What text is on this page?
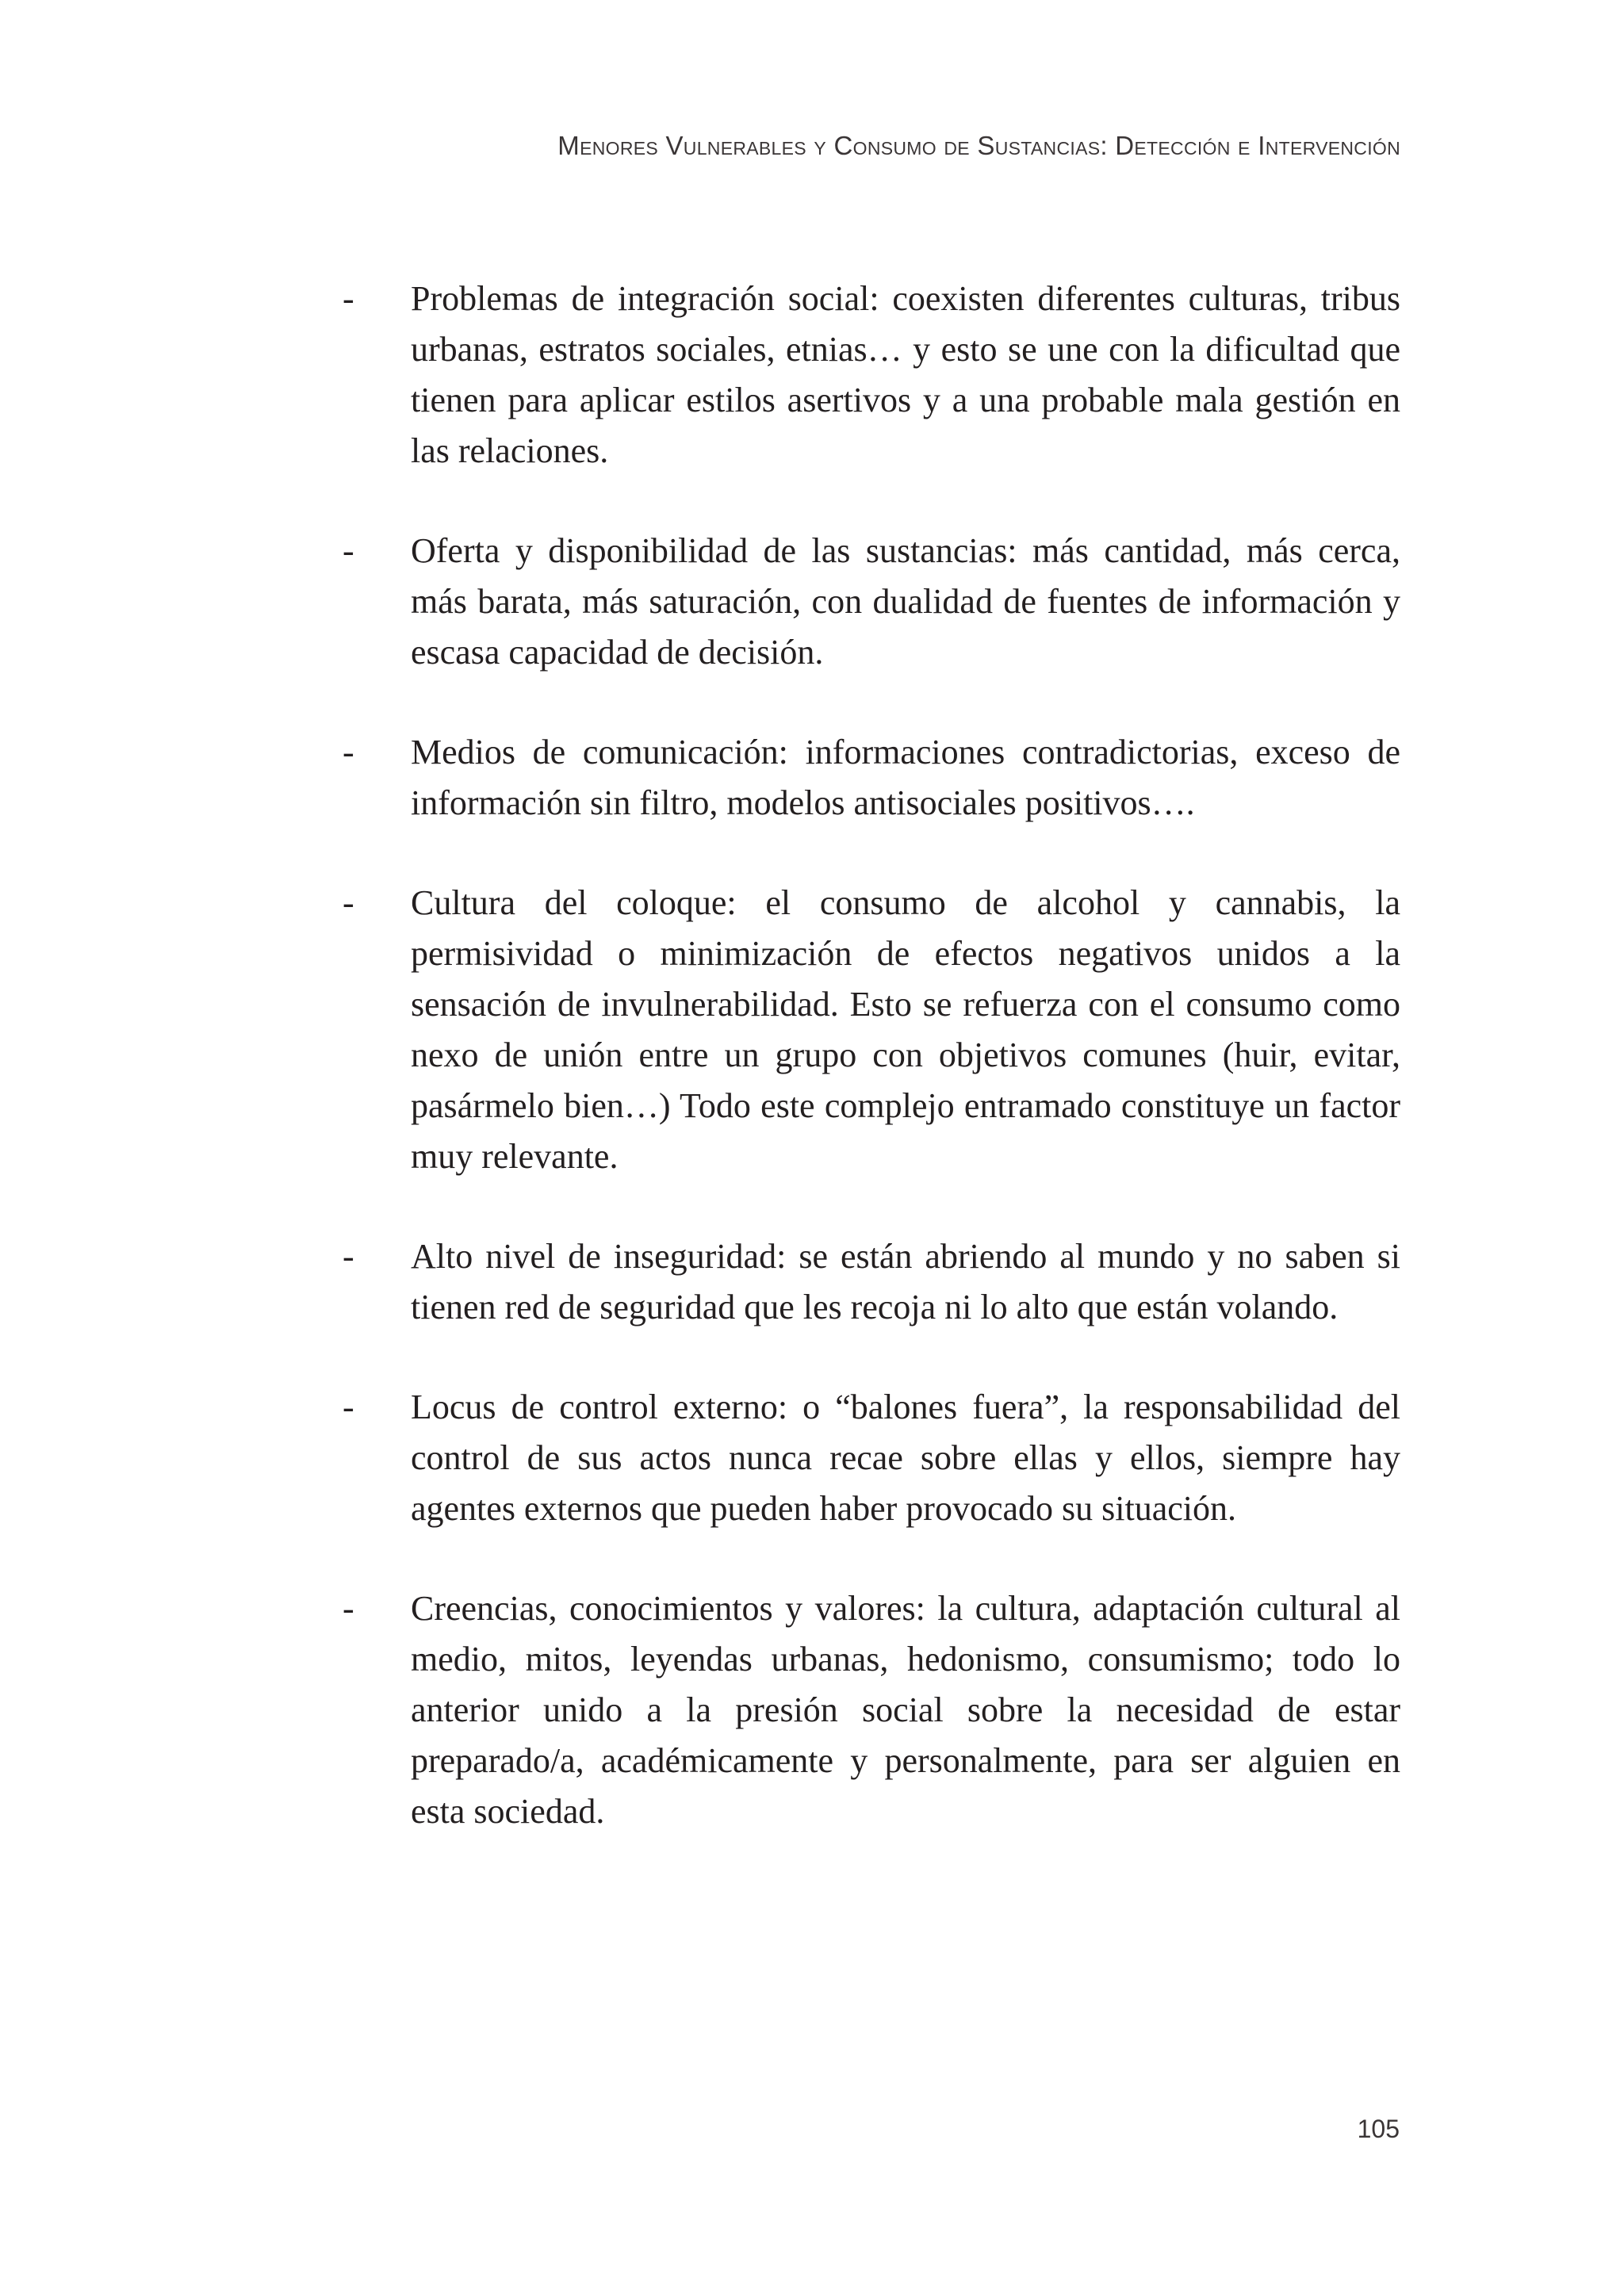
Menores Vulnerables y Consumo de Sustancias: Detección e Intervención
- Problemas de integración social: coexisten diferentes culturas, tribus urbanas, estratos sociales, etnias… y esto se une con la dificultad que tienen para aplicar estilos asertivos y a una probable mala gestión en las relaciones.
- Oferta y disponibilidad de las sustancias: más cantidad, más cerca, más barata, más saturación, con dualidad de fuentes de información y escasa capacidad de decisión.
- Medios de comunicación: informaciones contradictorias, exceso de información sin filtro, modelos antisociales positivos….
- Cultura del coloque: el consumo de alcohol y cannabis, la permisividad o minimización de efectos negativos unidos a la sensación de invulnerabilidad. Esto se refuerza con el consumo como nexo de unión entre un grupo con objetivos comunes (huir, evitar, pasármelo bien…) Todo este complejo entramado constituye un factor muy relevante.
- Alto nivel de inseguridad: se están abriendo al mundo y no saben si tienen red de seguridad que les recoja ni lo alto que están volando.
- Locus de control externo: o “balones fuera”, la responsabilidad del control de sus actos nunca recae sobre ellas y ellos, siempre hay agentes externos que pueden haber provocado su situación.
- Creencias, conocimientos y valores: la cultura, adaptación cultural al medio, mitos, leyendas urbanas, hedonismo, consumismo; todo lo anterior unido a la presión social sobre la necesidad de estar preparado/a, académicamente y personalmente, para ser alguien en esta sociedad.
105
